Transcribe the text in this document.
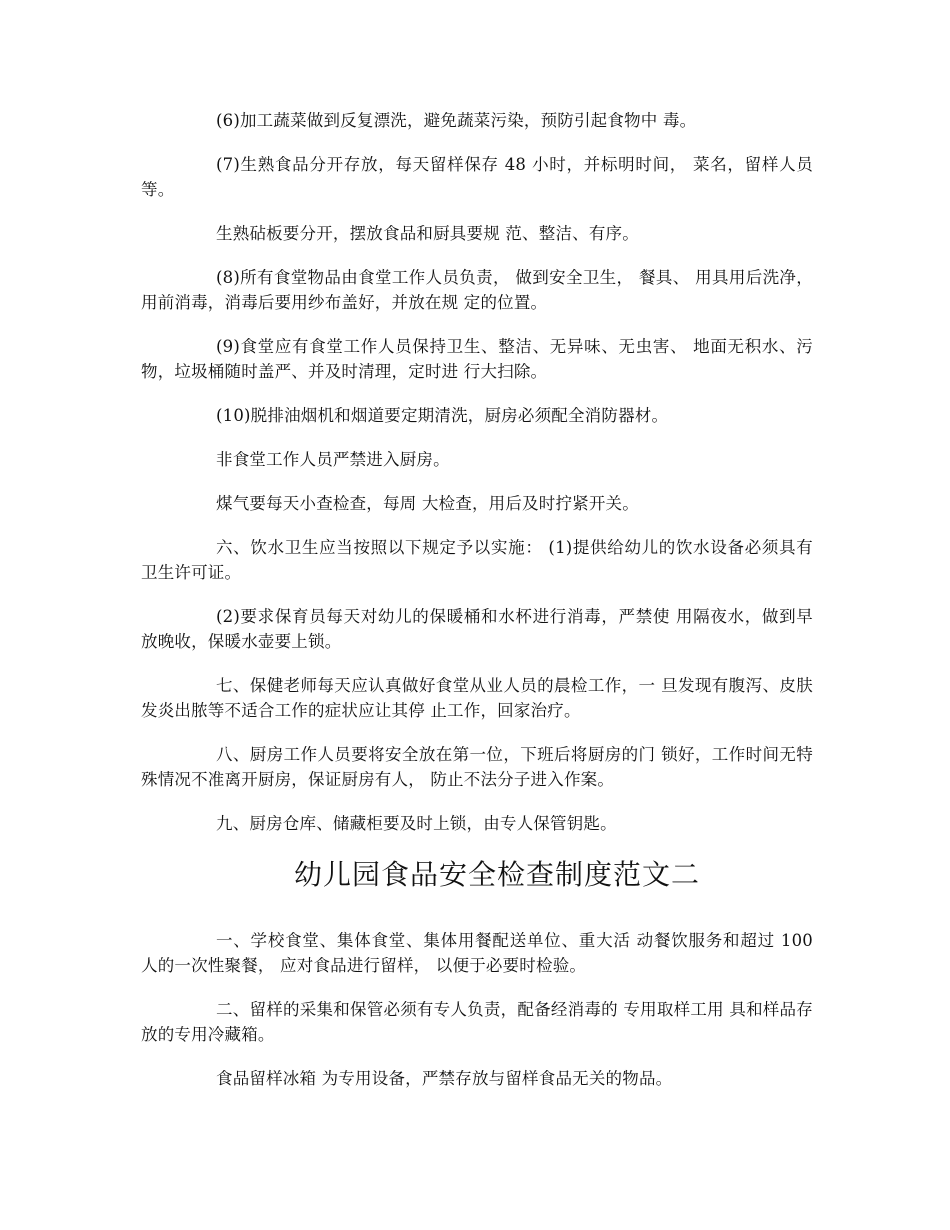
(6)加工蔬菜做到反复漂洗，避免蔬菜污染，预防引起食物中 毒。

(7)生熟食品分开存放，每天留样保存 48 小时，并标明时间， 菜名，留样人员等。

生熟砧板要分开，摆放食品和厨具要规 范、整洁、有序。

(8)所有食堂物品由食堂工作人员负责， 做到安全卫生， 餐具、 用具用后洗净，用前消毒，消毒后要用纱布盖好，并放在规 定的位置。

(9)食堂应有食堂工作人员保持卫生、整洁、无异味、无虫害、 地面无积水、污物，垃圾桶随时盖严、并及时清理，定时进 行大扫除。

(10)脱排油烟机和烟道要定期清洗，厨房必须配全消防器材。

非食堂工作人员严禁进入厨房。

煤气要每天小查检查，每周 大检查，用后及时拧紧开关。

六、饮水卫生应当按照以下规定予以实施： (1)提供给幼儿的饮水设备必须具有卫生许可证。

(2)要求保育员每天对幼儿的保暖桶和水杯进行消毒，严禁使 用隔夜水，做到早放晚收，保暖水壶要上锁。

七、保健老师每天应认真做好食堂从业人员的晨检工作，一 旦发现有腹泻、皮肤发炎出脓等不适合工作的症状应让其停 止工作，回家治疗。

八、厨房工作人员要将安全放在第一位，下班后将厨房的门 锁好，工作时间无特殊情况不准离开厨房，保证厨房有人， 防止不法分子进入作案。

九、厨房仓库、储藏柜要及时上锁，由专人保管钥匙。

幼儿园食品安全检查制度范文二

一、学校食堂、集体食堂、集体用餐配送单位、重大活 动餐饮服务和超过 100 人的一次性聚餐， 应对食品进行留样， 以便于必要时检验。

二、留样的采集和保管必须有专人负责，配备经消毒的 专用取样工用 具和样品存放的专用冷藏箱。

食品留样冰箱 为专用设备，严禁存放与留样食品无关的物品。
